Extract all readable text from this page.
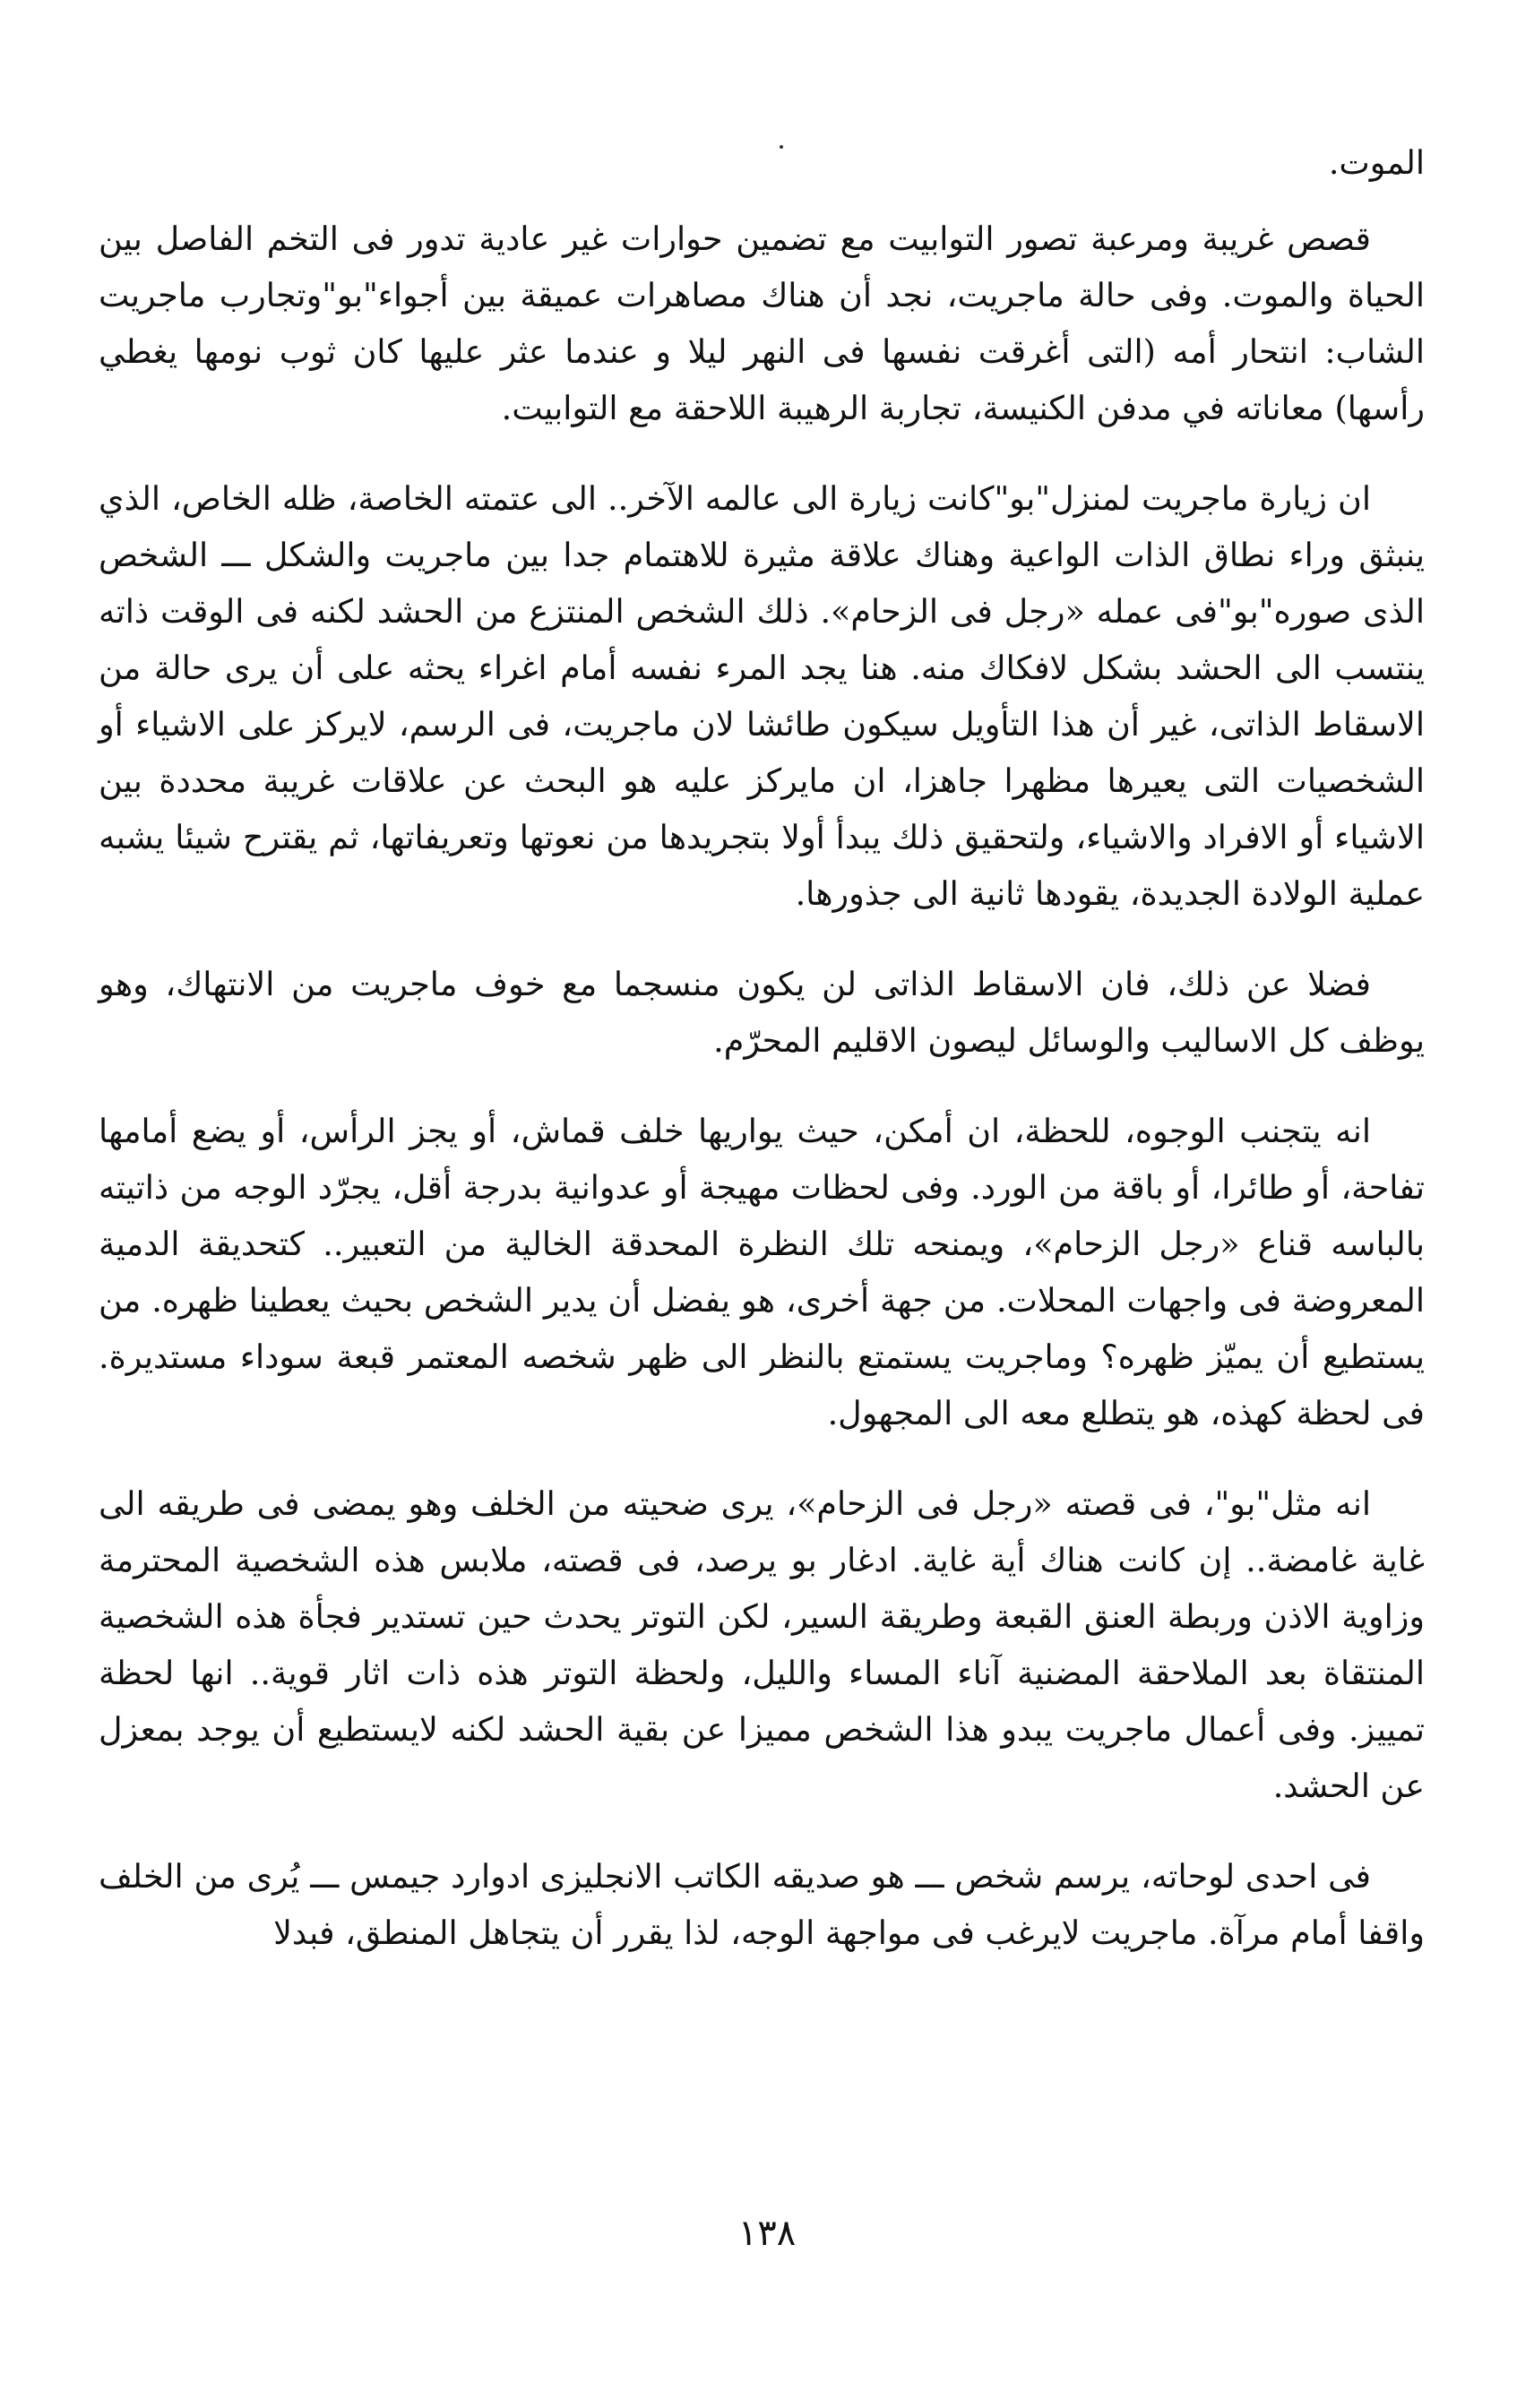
الموت.

قصص غريبة ومرعبة تصور التوابيت مع تضمين حوارات غير عادية تدور فى التخم الفاصل بين الحياة والموت. وفى حالة ماجريت، نجد أن هناك مصاهرات عميقة بين أجواء"بو"وتجارب ماجريت الشاب: انتحار أمه (التى أغرقت نفسها فى النهر ليلا و عندما عثر عليها كان ثوب نومها يغطي رأسها) معاناته في مدفن الكنيسة، تجاربة الرهيبة اللاحقة مع التوابيت.

ان زيارة ماجريت لمنزل"بو"كانت زيارة الى عالمه الآخر.. الى عتمته الخاصة، ظله الخاص، الذي ينبثق وراء نطاق الذات الواعية وهناك علاقة مثيرة للاهتمام جدا بين ماجريت والشكل ـــ الشخص الذى صوره"بو"فى عمله «رجل فى الزحام». ذلك الشخص المنتزع من الحشد لكنه فى الوقت ذاته ينتسب الى الحشد بشكل لافكاك منه. هنا يجد المرء نفسه أمام اغراء يحثه على أن يرى حالة من الاسقاط الذاتى، غير أن هذا التأويل سيكون طائشا لان ماجريت، فى الرسم، لايركز على الاشياء أو الشخصيات التى يعيرها مظهرا جاهزا، ان مايركز عليه هو البحث عن علاقات غريبة محددة بين الاشياء أو الافراد والاشياء، ولتحقيق ذلك يبدأ أولا بتجريدها من نعوتها وتعريفاتها، ثم يقترح شيئا يشبه عملية الولادة الجديدة، يقودها ثانية الى جذورها.

فضلا عن ذلك، فان الاسقاط الذاتى لن يكون منسجما مع خوف ماجريت من الانتهاك، وهو يوظف كل الاساليب والوسائل ليصون الاقليم المحرّم.

انه يتجنب الوجوه، للحظة، ان أمكن، حيث يواريها خلف قماش، أو يجز الرأس، أو يضع أمامها تفاحة، أو طائرا، أو باقة من الورد. وفى لحظات مهيجة أو عدوانية بدرجة أقل، يجرّد الوجه من ذاتيته بالباسه قناع «رجل الزحام»، ويمنحه تلك النظرة المحدقة الخالية من التعبير.. كتحديقة الدمية المعروضة فى واجهات المحلات. من جهة أخرى، هو يفضل أن يدير الشخص بحيث يعطينا ظهره. من يستطيع أن يميّز ظهره؟ وماجريت يستمتع بالنظر الى ظهر شخصه المعتمر قبعة سوداء مستديرة. فى لحظة كهذه، هو يتطلع معه الى المجهول.

انه مثل"بو"، فى قصته «رجل فى الزحام»، يرى ضحيته من الخلف وهو يمضى فى طريقه الى غاية غامضة.. إن كانت هناك أية غاية. ادغار بو يرصد، فى قصته، ملابس هذه الشخصية المحترمة وزاوية الاذن وربطة العنق القبعة وطريقة السير، لكن التوتر يحدث حين تستدير فجأة هذه الشخصية المنتقاة بعد الملاحقة المضنية آناء المساء والليل، ولحظة التوتر هذه ذات اثار قوية.. انها لحظة تمييز. وفى أعمال ماجريت يبدو هذا الشخص مميزا عن بقية الحشد لكنه لايستطيع أن يوجد بمعزل عن الحشد.

فى احدى لوحاته، يرسم شخص ـــ هو صديقه الكاتب الانجليزى ادوارد جيمس ـــ يُرى من الخلف واقفا أمام مرآة. ماجريت لايرغب فى مواجهة الوجه، لذا يقرر أن يتجاهل المنطق، فبدلا

١٣٨
